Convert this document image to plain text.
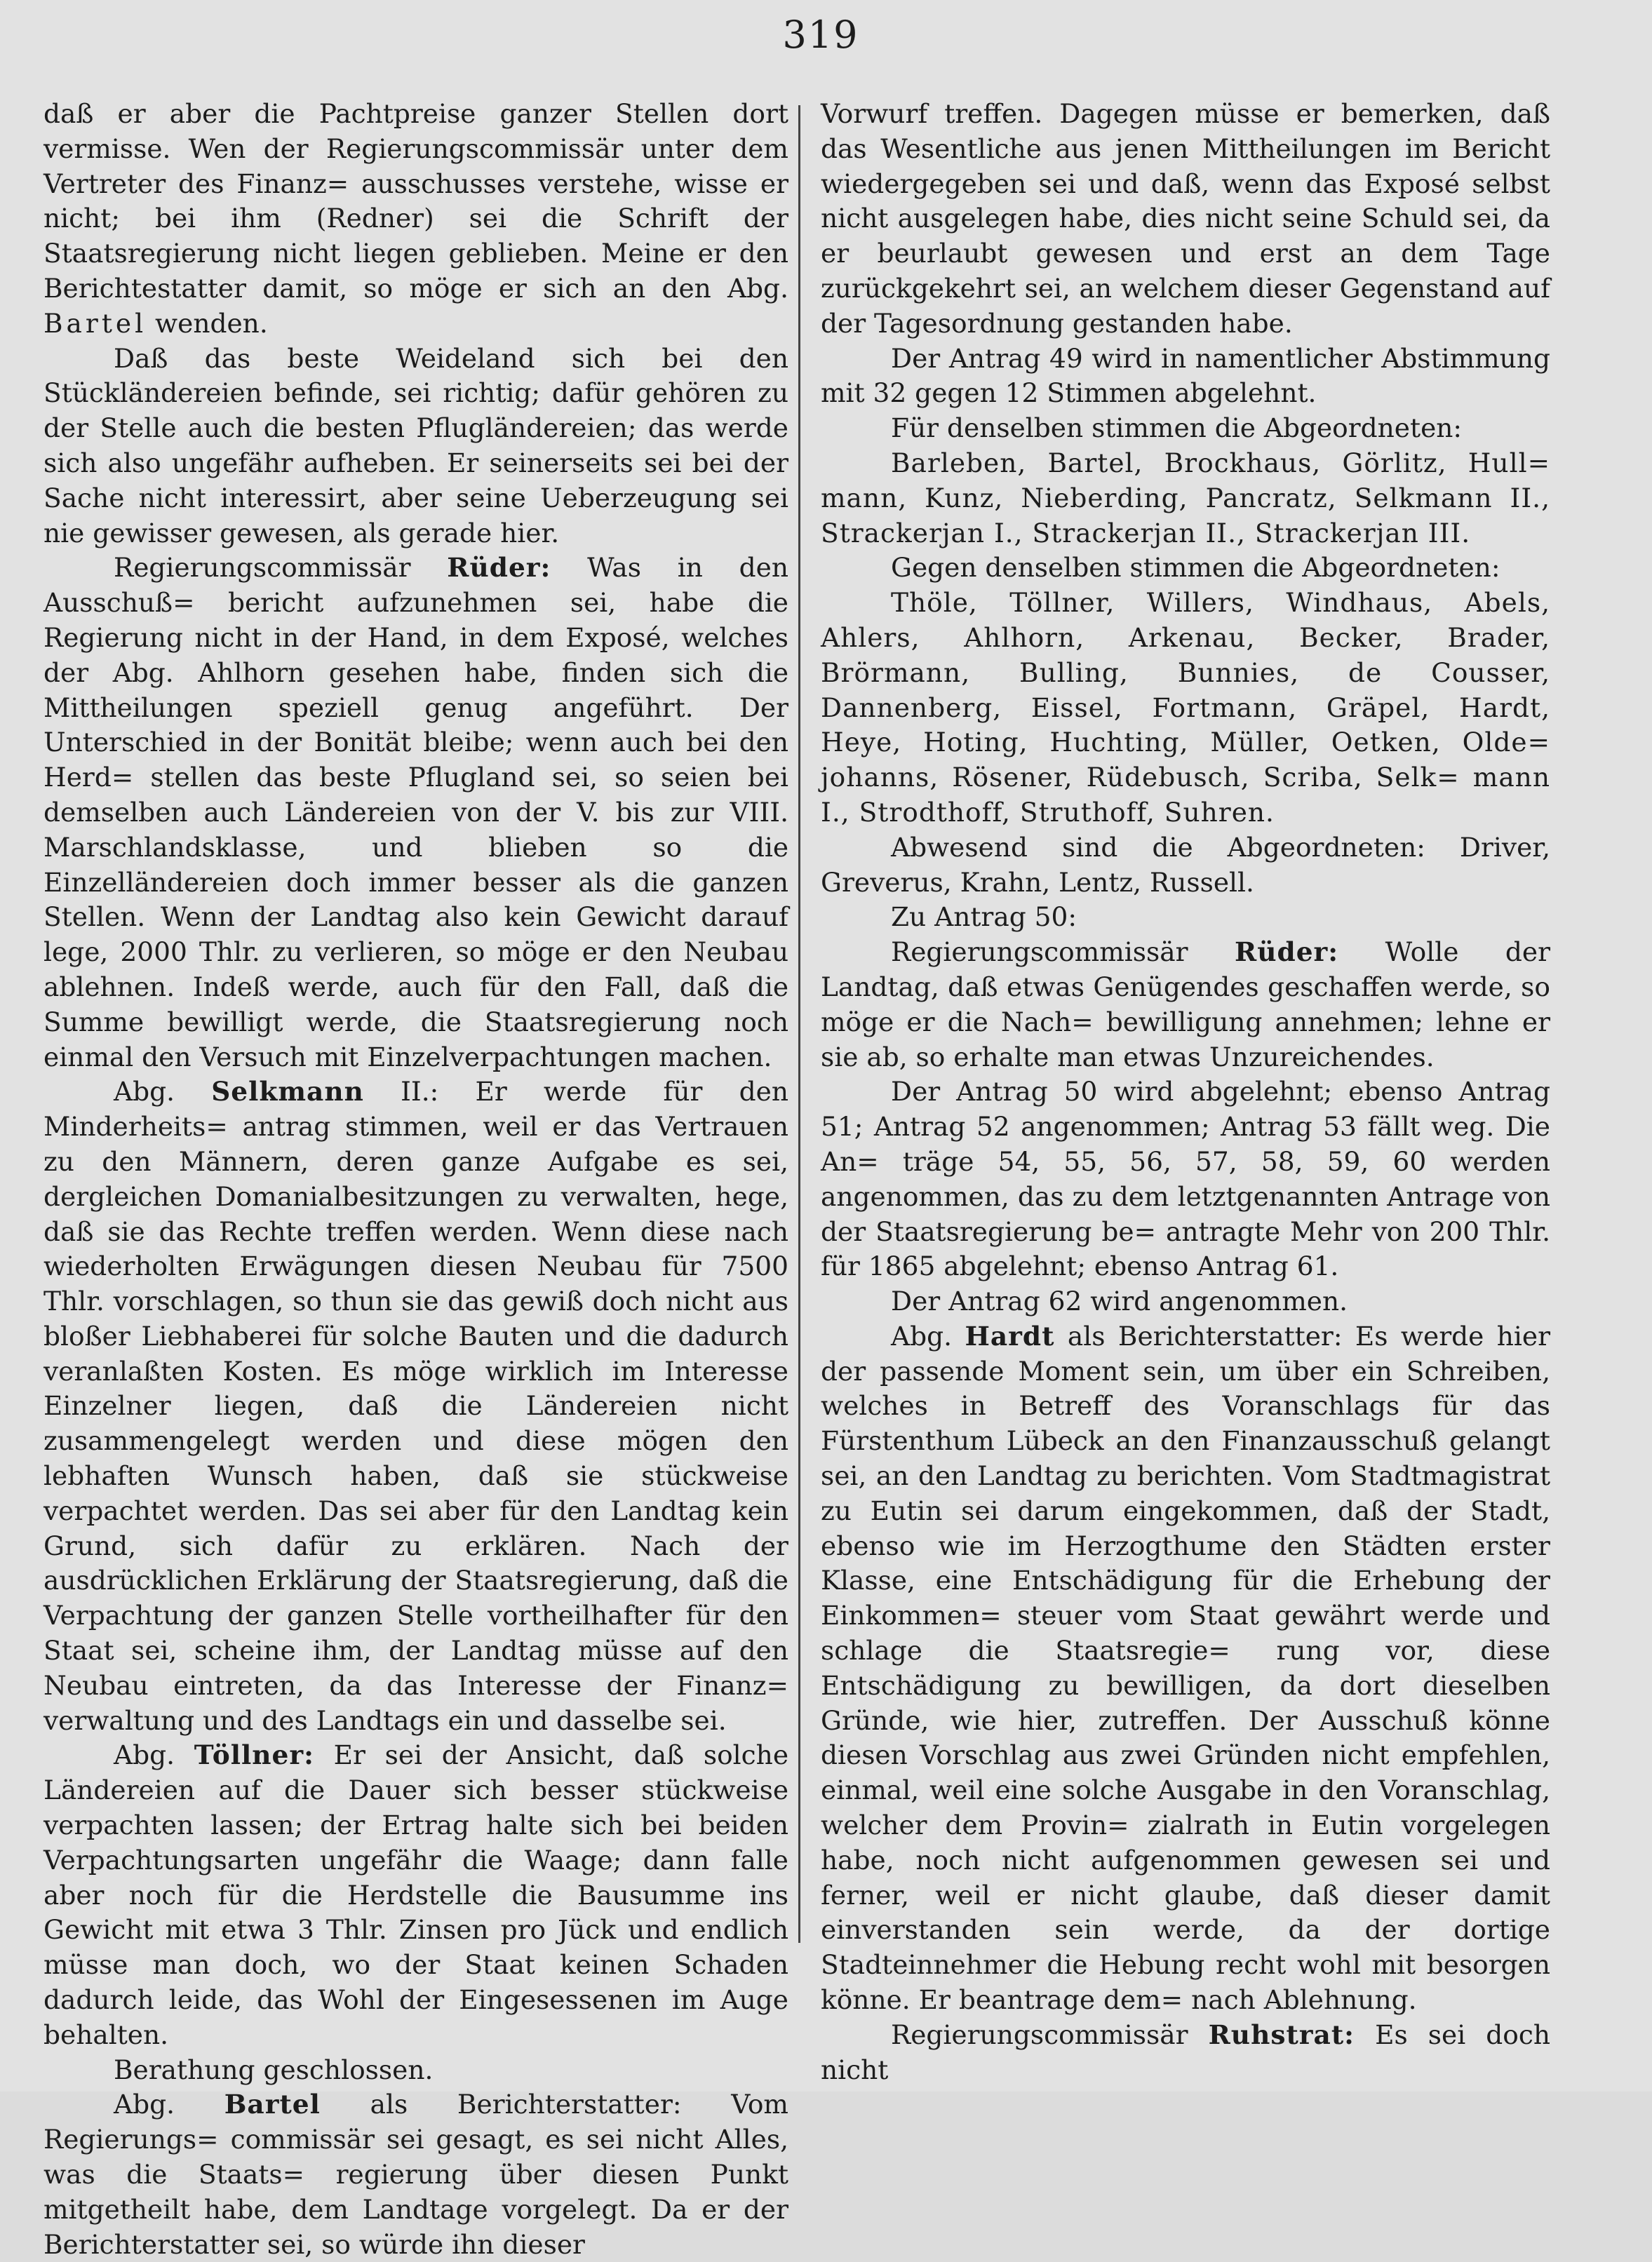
319

daß er aber die Pachtpreise ganzer Stellen dort vermisse. Wen der Regierungscommissär unter dem Vertreter des Finanz= ausschusses verstehe, wisse er nicht; bei ihm (Redner) sei die Schrift der Staatsregierung nicht liegen geblieben. Meine er den Berichtestatter damit, so möge er sich an den Abg. Bartel wenden.

Daß das beste Weideland sich bei den Stückländereien befinde, sei richtig; dafür gehören zu der Stelle auch die besten Pflugländereien; das werde sich also ungefähr aufheben. Er seinerseits sei bei der Sache nicht interessirt, aber seine Ueberzeugung sei nie gewisser gewesen, als gerade hier.

Regierungscommissär Rüder: Was in den Ausschuß= bericht aufzunehmen sei, habe die Regierung nicht in der Hand, in dem Exposé, welches der Abg. Ahlhorn gesehen habe, finden sich die Mittheilungen speziell genug angeführt. Der Unterschied in der Bonität bleibe; wenn auch bei den Herd= stellen das beste Pflugland sei, so seien bei demselben auch Ländereien von der V. bis zur VIII. Marschlandsklasse, und blieben so die Einzelländereien doch immer besser als die ganzen Stellen. Wenn der Landtag also kein Gewicht darauf lege, 2000 Thlr. zu verlieren, so möge er den Neubau ablehnen. Indeß werde, auch für den Fall, daß die Summe bewilligt werde, die Staatsregierung noch einmal den Versuch mit Einzelverpachtungen machen.

Abg. Selkmann II.: Er werde für den Minderheits= antrag stimmen, weil er das Vertrauen zu den Männern, deren ganze Aufgabe es sei, dergleichen Domanialbesitzungen zu verwalten, hege, daß sie das Rechte treffen werden. Wenn diese nach wiederholten Erwägungen diesen Neubau für 7500 Thlr. vorschlagen, so thun sie das gewiß doch nicht aus bloßer Liebhaberei für solche Bauten und die dadurch veranlaßten Kosten. Es möge wirklich im Interesse Einzelner liegen, daß die Ländereien nicht zusammengelegt werden und diese mögen den lebhaften Wunsch haben, daß sie stückweise verpachtet werden. Das sei aber für den Landtag kein Grund, sich dafür zu erklären. Nach der ausdrücklichen Erklärung der Staatsregierung, daß die Verpachtung der ganzen Stelle vortheilhafter für den Staat sei, scheine ihm, der Landtag müsse auf den Neubau eintreten, da das Interesse der Finanz= verwaltung und des Landtags ein und dasselbe sei.

Abg. Töllner: Er sei der Ansicht, daß solche Ländereien auf die Dauer sich besser stückweise verpachten lassen; der Ertrag halte sich bei beiden Verpachtungsarten ungefähr die Waage; dann falle aber noch für die Herdstelle die Bausumme ins Gewicht mit etwa 3 Thlr. Zinsen pro Jück und endlich müsse man doch, wo der Staat keinen Schaden dadurch leide, das Wohl der Eingesessenen im Auge behalten.

Berathung geschlossen.

Abg. Bartel als Berichterstatter: Vom Regierungs= commissär sei gesagt, es sei nicht Alles, was die Staats= regierung über diesen Punkt mitgetheilt habe, dem Landtage vorgelegt. Da er der Berichterstatter sei, so würde ihn dieser

Vorwurf treffen. Dagegen müsse er bemerken, daß das Wesentliche aus jenen Mittheilungen im Bericht wiedergegeben sei und daß, wenn das Exposé selbst nicht ausgelegen habe, dies nicht seine Schuld sei, da er beurlaubt gewesen und erst an dem Tage zurückgekehrt sei, an welchem dieser Gegenstand auf der Tagesordnung gestanden habe.

Der Antrag 49 wird in namentlicher Abstimmung mit 32 gegen 12 Stimmen abgelehnt.

Für denselben stimmen die Abgeordneten:

Barleben, Bartel, Brockhaus, Görlitz, Hull= mann, Kunz, Nieberding, Pancratz, Selkmann II., Strackerjan I., Strackerjan II., Strackerjan III.

Gegen denselben stimmen die Abgeordneten:

Thöle, Töllner, Willers, Windhaus, Abels, Ahlers, Ahlhorn, Arkenau, Becker, Brader, Brörmann, Bulling, Bunnies, de Cousser, Dannenberg, Eissel, Fortmann, Gräpel, Hardt, Heye, Hoting, Huchting, Müller, Oetken, Olde= johanns, Rösener, Rüdebusch, Scriba, Selk= mann I., Strodthoff, Struthoff, Suhren.

Abwesend sind die Abgeordneten: Driver, Greverus, Krahn, Lentz, Russell.

Zu Antrag 50:

Regierungscommissär Rüder: Wolle der Landtag, daß etwas Genügendes geschaffen werde, so möge er die Nach= bewilligung annehmen; lehne er sie ab, so erhalte man etwas Unzureichendes.

Der Antrag 50 wird abgelehnt; ebenso Antrag 51; Antrag 52 angenommen; Antrag 53 fällt weg. Die An= träge 54, 55, 56, 57, 58, 59, 60 werden angenommen, das zu dem letztgenannten Antrage von der Staatsregierung be= antragte Mehr von 200 Thlr. für 1865 abgelehnt; ebenso Antrag 61.

Der Antrag 62 wird angenommen.

Abg. Hardt als Berichterstatter: Es werde hier der passende Moment sein, um über ein Schreiben, welches in Betreff des Voranschlags für das Fürstenthum Lübeck an den Finanzausschuß gelangt sei, an den Landtag zu berichten. Vom Stadtmagistrat zu Eutin sei darum eingekommen, daß der Stadt, ebenso wie im Herzogthume den Städten erster Klasse, eine Entschädigung für die Erhebung der Einkommen= steuer vom Staat gewährt werde und schlage die Staatsregie= rung vor, diese Entschädigung zu bewilligen, da dort dieselben Gründe, wie hier, zutreffen. Der Ausschuß könne diesen Vorschlag aus zwei Gründen nicht empfehlen, einmal, weil eine solche Ausgabe in den Voranschlag, welcher dem Provin= zialrath in Eutin vorgelegen habe, noch nicht aufgenommen gewesen sei und ferner, weil er nicht glaube, daß dieser damit einverstanden sein werde, da der dortige Stadteinnehmer die Hebung recht wohl mit besorgen könne. Er beantrage dem= nach Ablehnung.

Regierungscommissär Ruhstrat: Es sei doch nicht
